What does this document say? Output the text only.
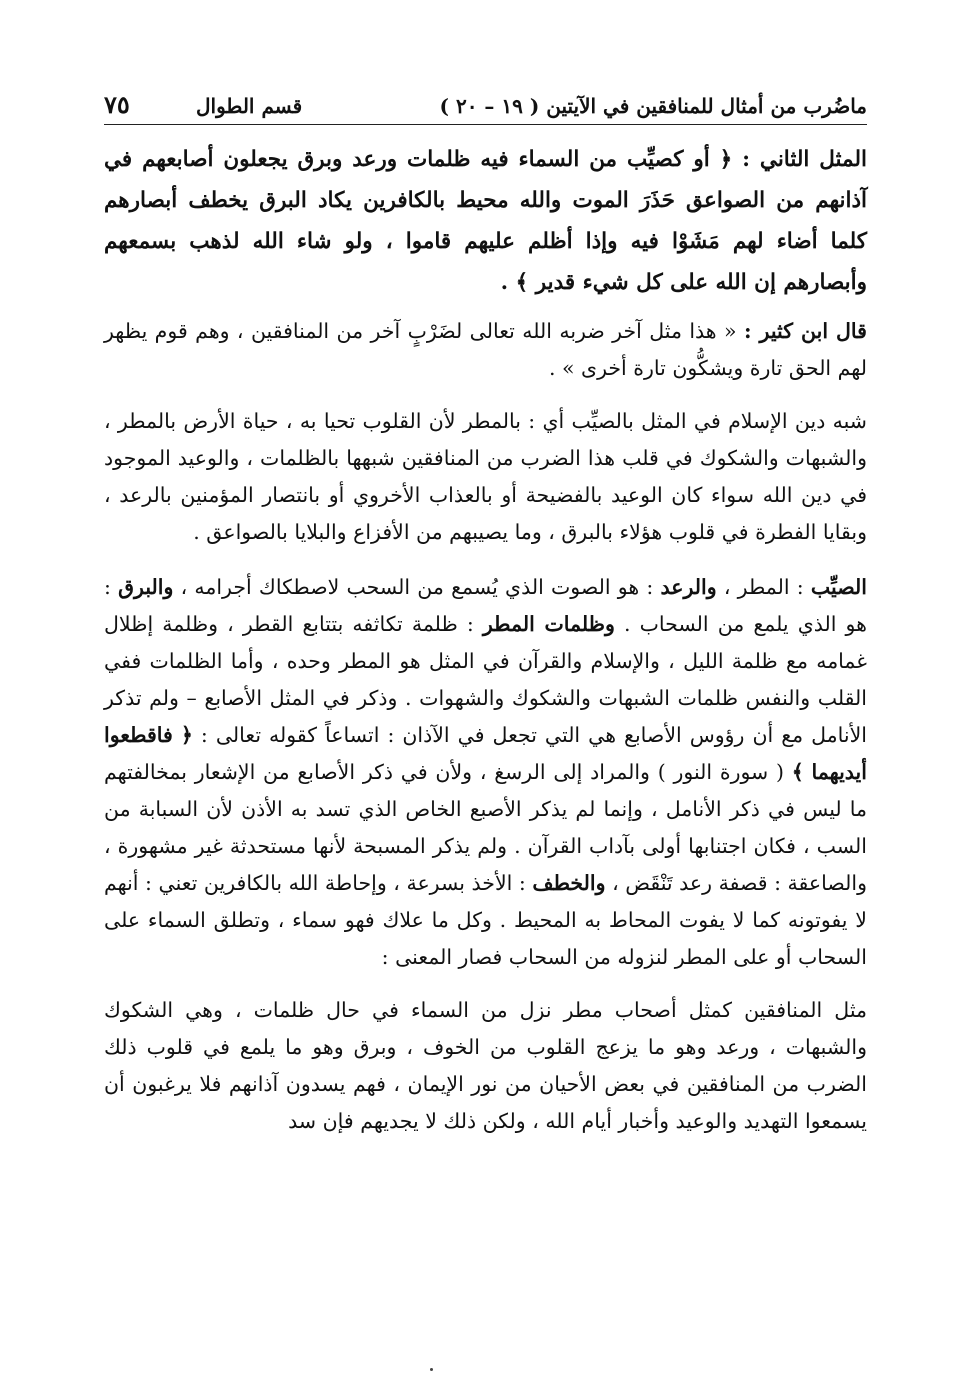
ماضُرب من أمثال للمنافقين في الآيتين ( ١٩ – ٢٠ )
قسم الطوال
٧٥

المثل الثاني : ﴿ أو كصيِّب من السماء فيه ظلمات ورعد وبرق يجعلون أصابعهم في آذانهم من الصواعق حَذَرَ الموت والله محيط بالكافرين يكاد البرق يخطف أبصارهم كلما أضاء لهم مَشَوْا فيه وإذا أظلم عليهم قاموا ، ولو شاء الله لذهب بسمعهم وأبصارهم إن الله على كل شيء قدير ﴾ .

قال ابن كثير : « هذا مثل آخر ضربه الله تعالى لضَرْبٍ آخر من المنافقين ، وهم قوم يظهر لهم الحق تارة ويشكُّون تارة أخرى » .

شبه دين الإسلام في المثل بالصيِّب أي : بالمطر لأن القلوب تحيا به ، حياة الأرض بالمطر ، والشبهات والشكوك في قلب هذا الضرب من المنافقين شبهها بالظلمات ، والوعيد الموجود في دين الله سواء كان الوعيد بالفضيحة أو بالعذاب الأخروي أو بانتصار المؤمنين بالرعد ، وبقايا الفطرة في قلوب هؤلاء بالبرق ، وما يصيبهم من الأفزاع والبلايا بالصواعق .

الصيِّب : المطر ، والرعد : هو الصوت الذي يُسمع من السحب لاصطكاك أجرامه ، والبرق : هو الذي يلمع من السحاب . وظلمات المطر : ظلمة تكاثفه بتتابع القطر ، وظلمة إظلال غمامه مع ظلمة الليل ، والإسلام والقرآن في المثل هو المطر وحده ، وأما الظلمات ففي القلب والنفس ظلمات الشبهات والشكوك والشهوات . وذكر في المثل الأصابع – ولم تذكر الأنامل مع أن رؤوس الأصابع هي التي تجعل في الآذان : اتساعاً كقوله تعالى : ﴿ فاقطعوا أيديهما ﴾ ( سورة النور ) والمراد إلى الرسغ ، ولأن في ذكر الأصابع من الإشعار بمخالفتهم ما ليس في ذكر الأنامل ، وإنما لم يذكر الأصبع الخاص الذي تسد به الأذن لأن السبابة من السب ، فكان اجتنابها أولى بآداب القرآن . ولم يذكر المسبحة لأنها مستحدثة غير مشهورة ، والصاعقة : قصفة رعد تَنْقَض ، والخطف : الأخذ بسرعة ، وإحاطة الله بالكافرين تعني : أنهم لا يفوتونه كما لا يفوت المحاط به المحيط . وكل ما علاك فهو سماء ، وتطلق السماء على السحاب أو على المطر لنزوله من السحاب فصار المعنى :

مثل المنافقين كمثل أصحاب مطر نزل من السماء في حال ظلمات ، وهي الشكوك والشبهات ، ورعد وهو ما يزعج القلوب من الخوف ، وبرق وهو ما يلمع في قلوب ذلك الضرب من المنافقين في بعض الأحيان من نور الإيمان ، فهم يسدون آذانهم فلا يرغبون أن يسمعوا التهديد والوعيد وأخبار أيام الله ، ولكن ذلك لا يجديهم فإن سد
